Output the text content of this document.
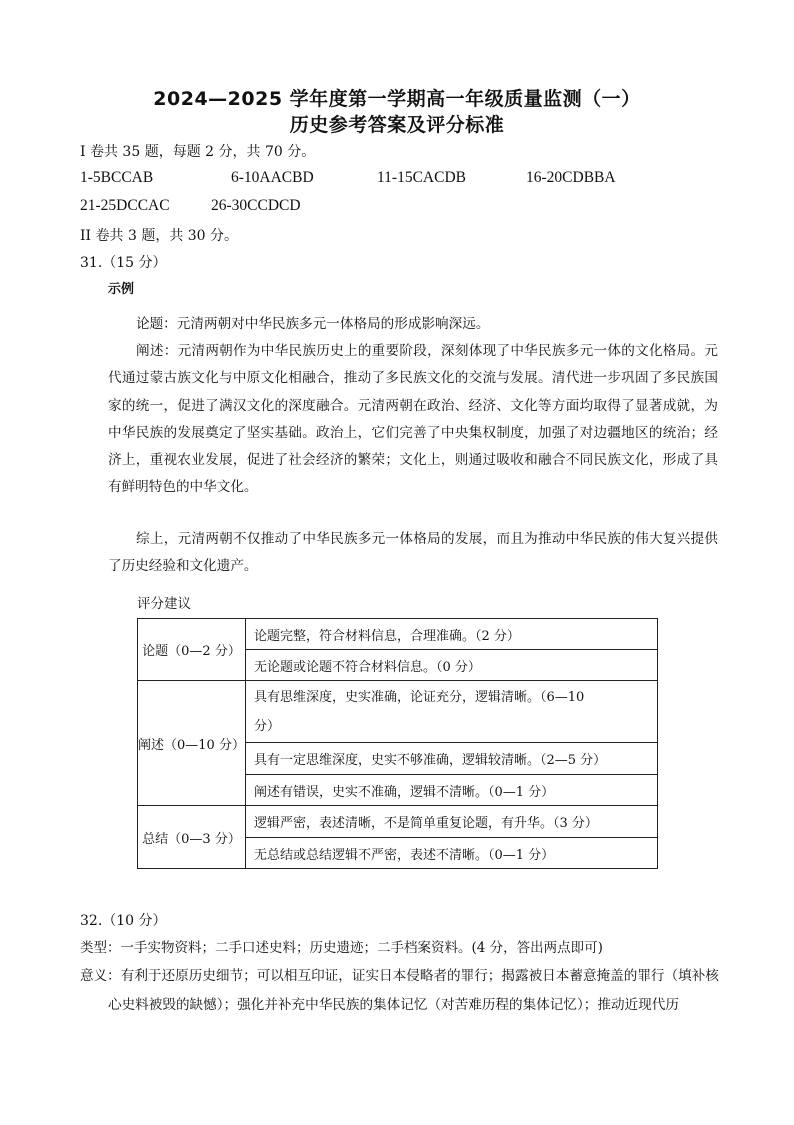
2024—2025 学年度第一学期高一年级质量监测（一）
历史参考答案及评分标准
I 卷共 35 题，每题 2 分，共 70 分。
1-5BCCAB	6-10AACBD	11-15CACDB	16-20CDBBA
21-25DCCAC	26-30CCDCD
II 卷共 3 题，共 30 分。
31.（15 分）
示例
论题：元清两朝对中华民族多元一体格局的形成影响深远。
阐述：元清两朝作为中华民族历史上的重要阶段，深刻体现了中华民族多元一体的文化格局。元代通过蒙古族文化与中原文化相融合，推动了多民族文化的交流与发展。清代进一步巩固了多民族国家的统一，促进了满汉文化的深度融合。元清两朝在政治、经济、文化等方面均取得了显著成就，为中华民族的发展奠定了坚实基础。政治上，它们完善了中央集权制度，加强了对边疆地区的统治；经济上，重视农业发展，促进了社会经济的繁荣；文化上，则通过吸收和融合不同民族文化，形成了具有鲜明特色的中华文化。
综上，元清两朝不仅推动了中华民族多元一体格局的发展，而且为推动中华民族的伟大复兴提供了历史经验和文化遗产。
评分建议
论题（0—2 分）	论题完整，符合材料信息，合理准确。（2 分）
	无论题或论题不符合材料信息。（0 分）
阐述（0—10 分）	具有思维深度，史实准确，论证充分，逻辑清晰。（6—10
分）
	具有一定思维深度，史实不够准确，逻辑较清晰。（2—5 分）
	阐述有错误，史实不准确，逻辑不清晰。（0—1 分）
总结（0—3 分）	逻辑严密，表述清晰，不是简单重复论题，有升华。（3 分）
	无总结或总结逻辑不严密，表述不清晰。（0—1 分）
32.（10 分）
类型：一手实物资料；二手口述史料；历史遗迹；二手档案资料。(4 分，答出两点即可)
意义：有利于还原历史细节；可以相互印证，证实日本侵略者的罪行；揭露被日本蓄意掩盖的罪行（填补核心史料被毁的缺憾）；强化并补充中华民族的集体记忆（对苦难历程的集体记忆）；推动近现代历
